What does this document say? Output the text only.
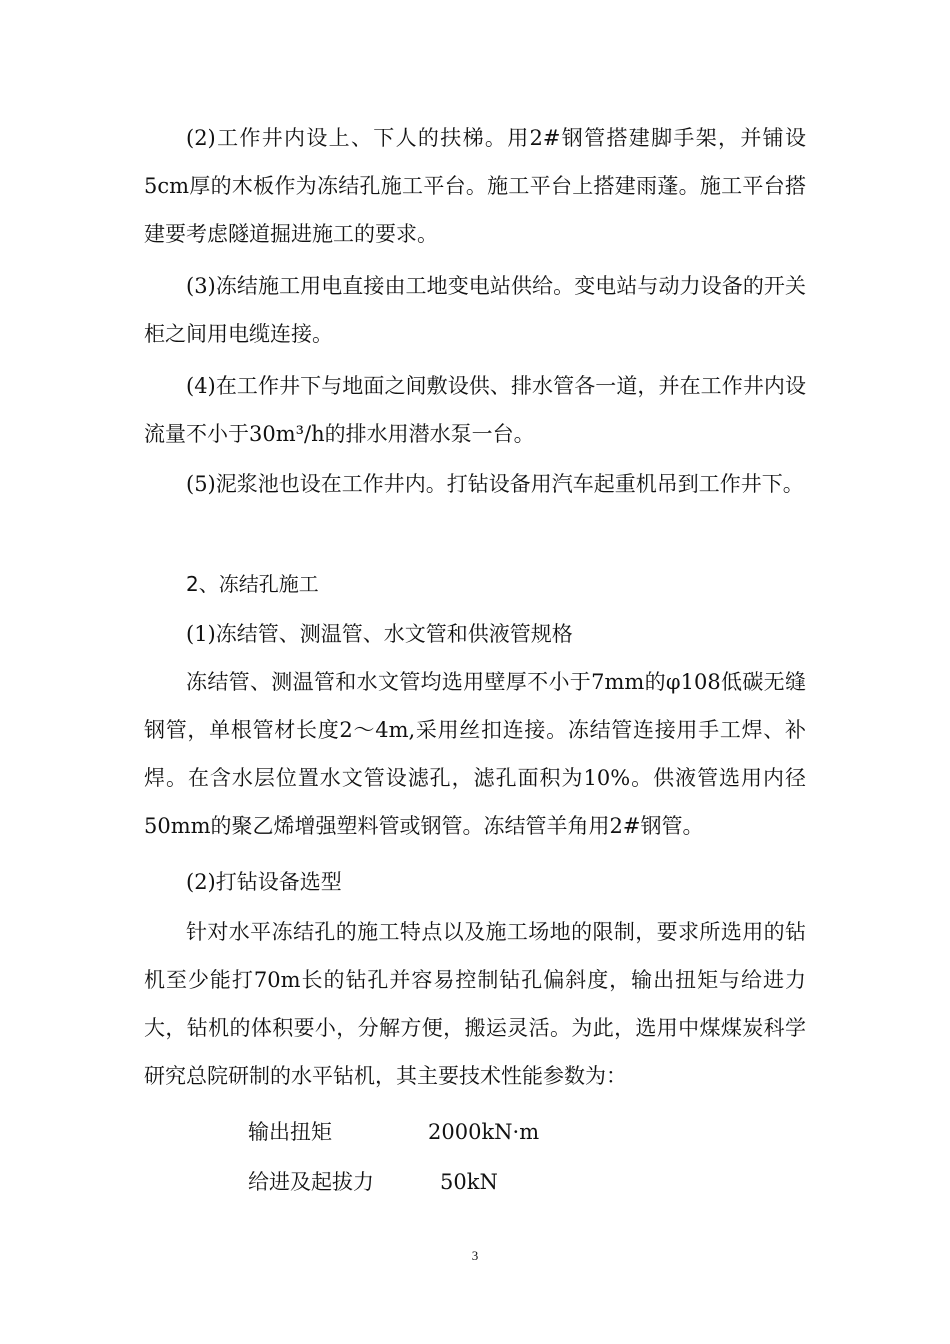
(2)工作井内设上、下人的扶梯。用2#钢管搭建脚手架，并铺设5cm厚的木板作为冻结孔施工平台。施工平台上搭建雨蓬。施工平台搭建要考虑隧道掘进施工的要求。

(3)冻结施工用电直接由工地变电站供给。变电站与动力设备的开关柜之间用电缆连接。

(4)在工作井下与地面之间敷设供、排水管各一道，并在工作井内设流量不小于30m³/h的排水用潜水泵一台。

(5)泥浆池也设在工作井内。打钻设备用汽车起重机吊到工作井下。

2、冻结孔施工

(1)冻结管、测温管、水文管和供液管规格

冻结管、测温管和水文管均选用壁厚不小于7mm的φ108低碳无缝钢管，单根管材长度2～4m,采用丝扣连接。冻结管连接用手工焊、补焊。在含水层位置水文管设滤孔，滤孔面积为10%。供液管选用内径50mm的聚乙烯增强塑料管或钢管。冻结管羊角用2#钢管。

(2)打钻设备选型

针对水平冻结孔的施工特点以及施工场地的限制，要求所选用的钻机至少能打70m长的钻孔并容易控制钻孔偏斜度，输出扭矩与给进力大，钻机的体积要小，分解方便，搬运灵活。为此，选用中煤煤炭科学研究总院研制的水平钻机，其主要技术性能参数为：

输出扭矩	2000kN·m
给进及起拔力	50kN
3
